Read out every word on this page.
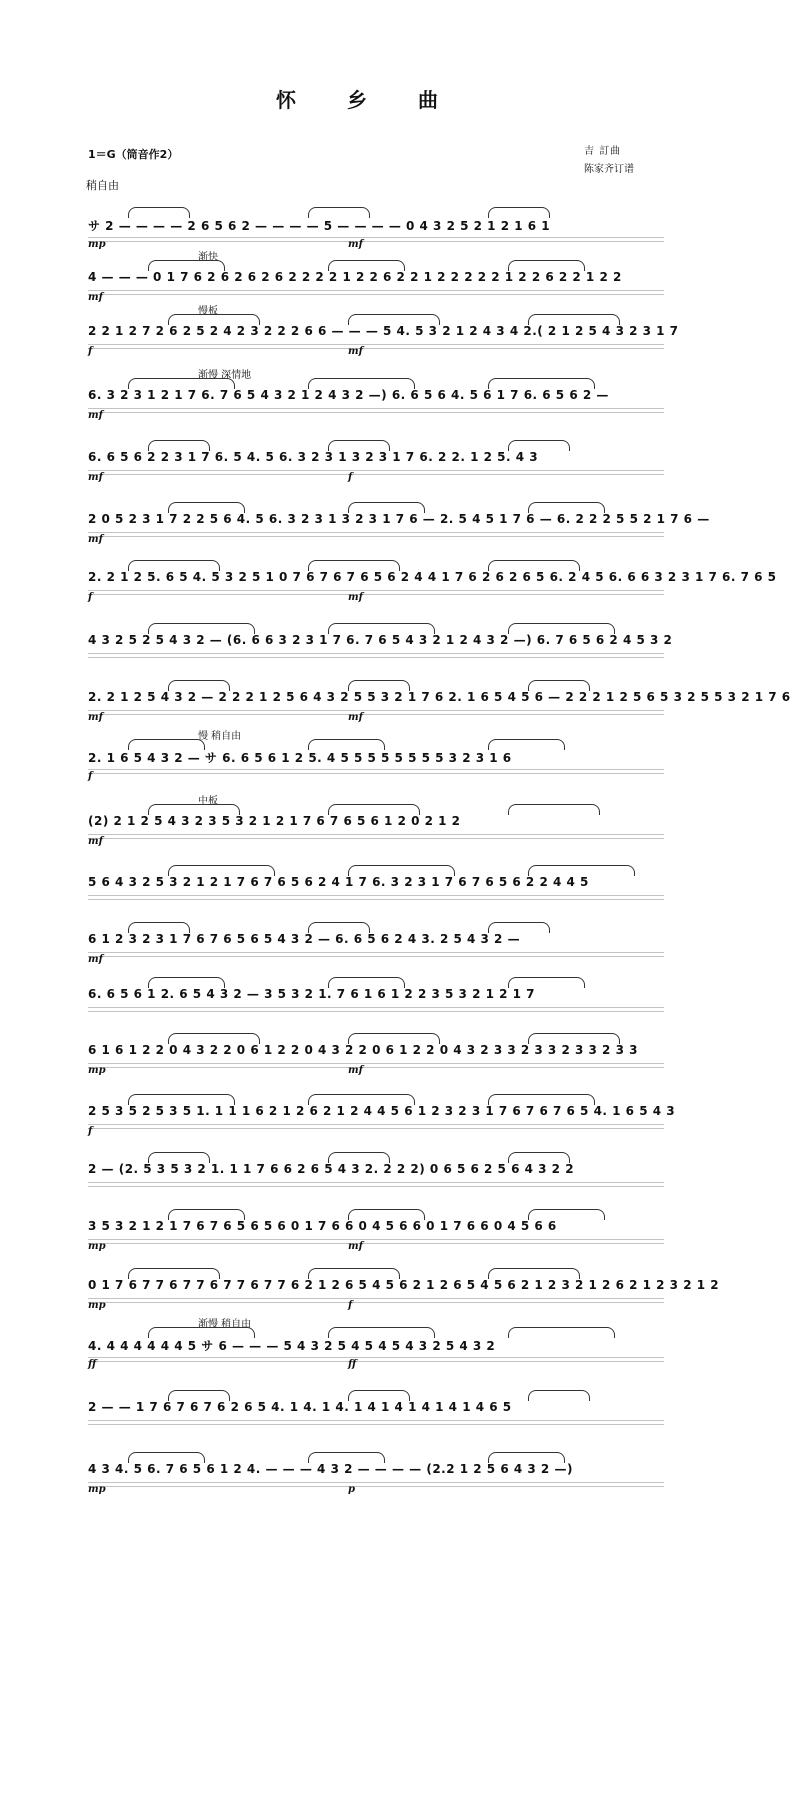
怀 乡 曲
1＝G（筒音作2）	吉 訂曲
陈家齐订谱
稍自由
サ 2 — — — — 2 6 5 6 2 — — — — 5 — — — — 0 4 3 2 5 2 1 2 1 6 1
mp	mf
渐快
4 — — — 0 1 7 6 2 6 2 6 2 6 2 2 2 2 1 2 2 6 2 2 1 2 2 2 2 2 1 2 2 6 2 2 1 2 2
mf
慢板
2 2 1 2 7 2 6 2 5 2 4 2 3 2 2 2 6 6 — — — 5 4. 5 3 2 1 2 4 3 4 2.( 2 1 2 5 4 3 2 3 1 7
f	mf
渐慢 深情地
6. 3 2 3 1 2 1 7 6. 7 6 5 4 3 2 1 2 4 3 2 —) 6. 6 5 6 4. 5 6 1 7 6. 6 5 6 2 —
mf
6. 6 5 6 2 2 3 1 7 6. 5 4. 5 6. 3 2 3 1 3 2 3 1 7 6. 2 2. 1 2 5. 4 3
mf	f
2 0 5 2 3 1 7 2 2 5 6 4. 5 6. 3 2 3 1 3 2 3 1 7 6 — 2. 5 4 5 1 7 6 — 6. 2 2 2 5 5 2 1 7 6 —
mf
2. 2 1 2 5. 6 5 4. 5 3 2 5 1 0 7 6 7 6 7 6 5 6 2 4 4 1 7 6 2 6 2 6 5 6. 2 4 5 6. 6 6 3 2 3 1 7 6. 7 6 5
f	mf
4 3 2 5 2 5 4 3 2 — (6. 6 6 3 2 3 1 7 6. 7 6 5 4 3 2 1 2 4 3 2 —) 6. 7 6 5 6 2 4 5 3 2
2. 2 1 2 5 4 3 2 — 2 2 2 1 2 5 6 4 3 2 5 5 3 2 1 7 6 2. 1 6 5 4 5 6 — 2 2 2 1 2 5 6 5 3 2 5 5 3 2 1 7 6
mf	mf
慢 稍自由
2. 1 6 5 4 3 2 — サ 6. 6 5 6 1 2 5. 4 5 5 5 5 5 5 5 5 3 2 3 1 6
f
中板
(2) 2 1 2 5 4 3 2 3 5 3 2 1 2 1 7 6 7 6 5 6 1 2 0 2 1 2
mf
5 6 4 3 2 5 3 2 1 2 1 7 6 7 6 5 6 2 4 1 7 6. 3 2 3 1 7 6 7 6 5 6 2 2 4 4 5
6 1 2 3 2 3 1 7 6 7 6 5 6 5 4 3 2 — 6. 6 5 6 2 4 3. 2 5 4 3 2 —
mf
6. 6 5 6 1 2. 6 5 4 3 2 — 3 5 3 2 1. 7 6 1 6 1 2 2 3 5 3 2 1 2 1 7
6 1 6 1 2 2 0 4 3 2 2 0 6 1 2 2 0 4 3 2 2 0 6 1 2 2 0 4 3 2 3 3 2 3 3 2 3 3 2 3 3
mp	mf
2 5 3 5 2 5 3 5 1. 1 1 1 6 2 1 2 6 2 1 2 4 4 5 6 1 2 3 2 3 1 7 6 7 6 7 6 5 4. 1 6 5 4 3
f
2 — (2. 5 3 5 3 2 1. 1 1 7 6 6 2 6 5 4 3 2. 2 2 2) 0 6 5 6 2 5 6 4 3 2 2
3 5 3 2 1 2 1 7 6 7 6 5 6 5 6 0 1 7 6 6 0 4 5 6 6 0 1 7 6 6 0 4 5 6 6
mp	mf
0 1 7 6 7 7 6 7 7 6 7 7 6 7 7 6 2 1 2 6 5 4 5 6 2 1 2 6 5 4 5 6 2 1 2 3 2 1 2 6 2 1 2 3 2 1 2
mp	f
渐慢 稍自由
4. 4 4 4 4 4 4 5 サ 6 — — — 5 4 3 2 5 4 5 4 5 4 3 2 5 4 3 2
ff	ff
2 — — 1 7 6 7 6 7 6 2 6 5 4. 1 4. 1 4. 1 4 1 4 1 4 1 4 1 4 6 5
4 3 4. 5 6. 7 6 5 6 1 2 4. — — — 4 3 2 — — — — (2.2 1 2 5 6 4 3 2 —)
mp	p
